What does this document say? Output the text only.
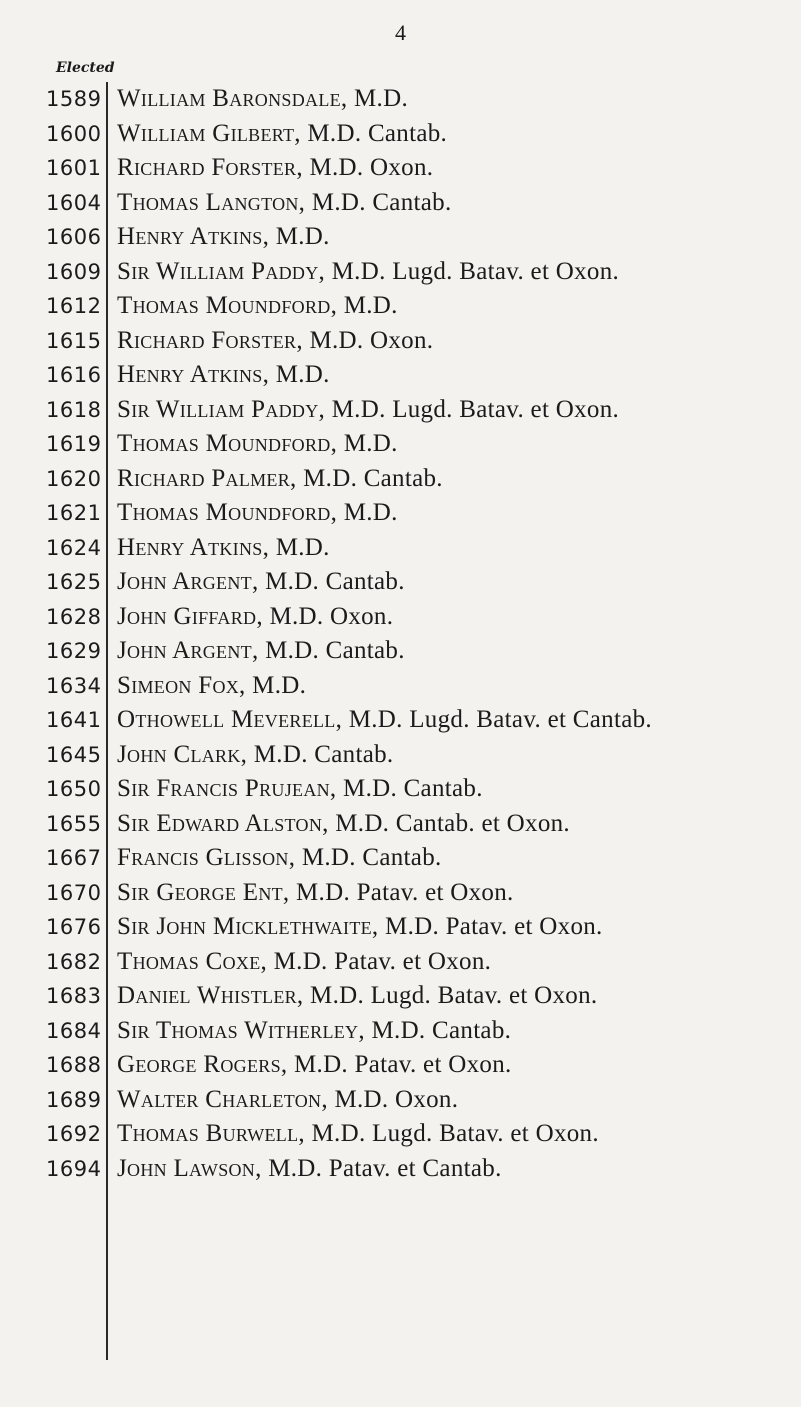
4
Elected
1589 William Baronsdale, M.D.
1600 William Gilbert, M.D. Cantab.
1601 Richard Forster, M.D. Oxon.
1604 Thomas Langton, M.D. Cantab.
1606 Henry Atkins, M.D.
1609 Sir William Paddy, M.D. Lugd. Batav. et Oxon.
1612 Thomas Moundford, M.D.
1615 Richard Forster, M.D. Oxon.
1616 Henry Atkins, M.D.
1618 Sir William Paddy, M.D. Lugd. Batav. et Oxon.
1619 Thomas Moundford, M.D.
1620 Richard Palmer, M.D. Cantab.
1621 Thomas Moundford, M.D.
1624 Henry Atkins, M.D.
1625 John Argent, M.D. Cantab.
1628 John Giffard, M.D. Oxon.
1629 John Argent, M.D. Cantab.
1634 Simeon Fox, M.D.
1641 Othowell Meverell, M.D. Lugd. Batav. et Cantab.
1645 John Clark, M.D. Cantab.
1650 Sir Francis Prujean, M.D. Cantab.
1655 Sir Edward Alston, M.D. Cantab. et Oxon.
1667 Francis Glisson, M.D. Cantab.
1670 Sir George Ent, M.D. Patav. et Oxon.
1676 Sir John Micklethwaite, M.D. Patav. et Oxon.
1682 Thomas Coxe, M.D. Patav. et Oxon.
1683 Daniel Whistler, M.D. Lugd. Batav. et Oxon.
1684 Sir Thomas Witherley, M.D. Cantab.
1688 George Rogers, M.D. Patav. et Oxon.
1689 Walter Charleton, M.D. Oxon.
1692 Thomas Burwell, M.D. Lugd. Batav. et Oxon.
1694 John Lawson, M.D. Patav. et Cantab.
